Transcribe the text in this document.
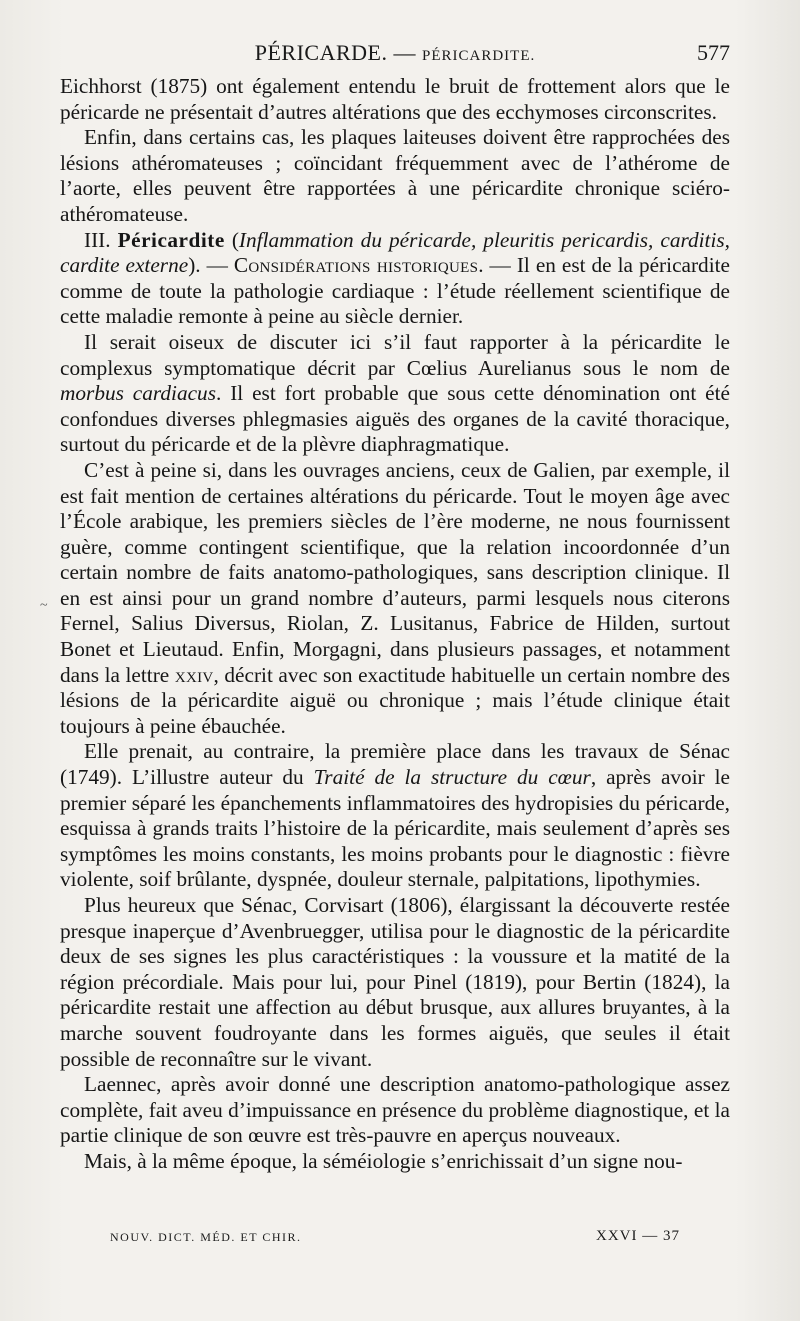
PÉRICARDE. — PÉRICARDITE.	577
~

Eichhorst (1875) ont également entendu le bruit de frottement alors que le péricarde ne présentait d’autres altérations que des ecchymoses circonscrites.

Enfin, dans certains cas, les plaques laiteuses doivent être rapprochées des lésions athéromateuses ; coïncidant fréquemment avec de l’athérome de l’aorte, elles peuvent être rapportées à une péricardite chronique sciéro-athéromateuse.

III. Péricardite (Inflammation du péricarde, pleuritis pericardis, carditis, cardite externe). — Considérations historiques. — Il en est de la péricardite comme de toute la pathologie cardiaque : l’étude réellement scientifique de cette maladie remonte à peine au siècle dernier.

Il serait oiseux de discuter ici s’il faut rapporter à la péricardite le complexus symptomatique décrit par Cœlius Aurelianus sous le nom de morbus cardiacus. Il est fort probable que sous cette dénomination ont été confondues diverses phlegmasies aiguës des organes de la cavité thoracique, surtout du péricarde et de la plèvre diaphragmatique.

C’est à peine si, dans les ouvrages anciens, ceux de Galien, par exemple, il est fait mention de certaines altérations du péricarde. Tout le moyen âge avec l’École arabique, les premiers siècles de l’ère moderne, ne nous fournissent guère, comme contingent scientifique, que la relation incoordonnée d’un certain nombre de faits anatomo-pathologiques, sans description clinique. Il en est ainsi pour un grand nombre d’auteurs, parmi lesquels nous citerons Fernel, Salius Diversus, Riolan, Z. Lusitanus, Fabrice de Hilden, surtout Bonet et Lieutaud. Enfin, Morgagni, dans plusieurs passages, et notamment dans la lettre xxiv, décrit avec son exactitude habituelle un certain nombre des lésions de la péricardite aiguë ou chronique ; mais l’étude clinique était toujours à peine ébauchée.

Elle prenait, au contraire, la première place dans les travaux de Sénac (1749). L’illustre auteur du Traité de la structure du cœur, après avoir le premier séparé les épanchements inflammatoires des hydropisies du péricarde, esquissa à grands traits l’histoire de la péricardite, mais seulement d’après ses symptômes les moins constants, les moins probants pour le diagnostic : fièvre violente, soif brûlante, dyspnée, douleur sternale, palpitations, lipothymies.

Plus heureux que Sénac, Corvisart (1806), élargissant la découverte restée presque inaperçue d’Avenbruegger, utilisa pour le diagnostic de la péricardite deux de ses signes les plus caractéristiques : la voussure et la matité de la région précordiale. Mais pour lui, pour Pinel (1819), pour Bertin (1824), la péricardite restait une affection au début brusque, aux allures bruyantes, à la marche souvent foudroyante dans les formes aiguës, que seules il était possible de reconnaître sur le vivant.

Laennec, après avoir donné une description anatomo-pathologique assez complète, fait aveu d’impuissance en présence du problème diagnostique, et la partie clinique de son œuvre est très-pauvre en aperçus nouveaux.

Mais, à la même époque, la séméiologie s’enrichissait d’un signe nou-

NOUV. DICT. MÉD. ET CHIR.	XXVI — 37
